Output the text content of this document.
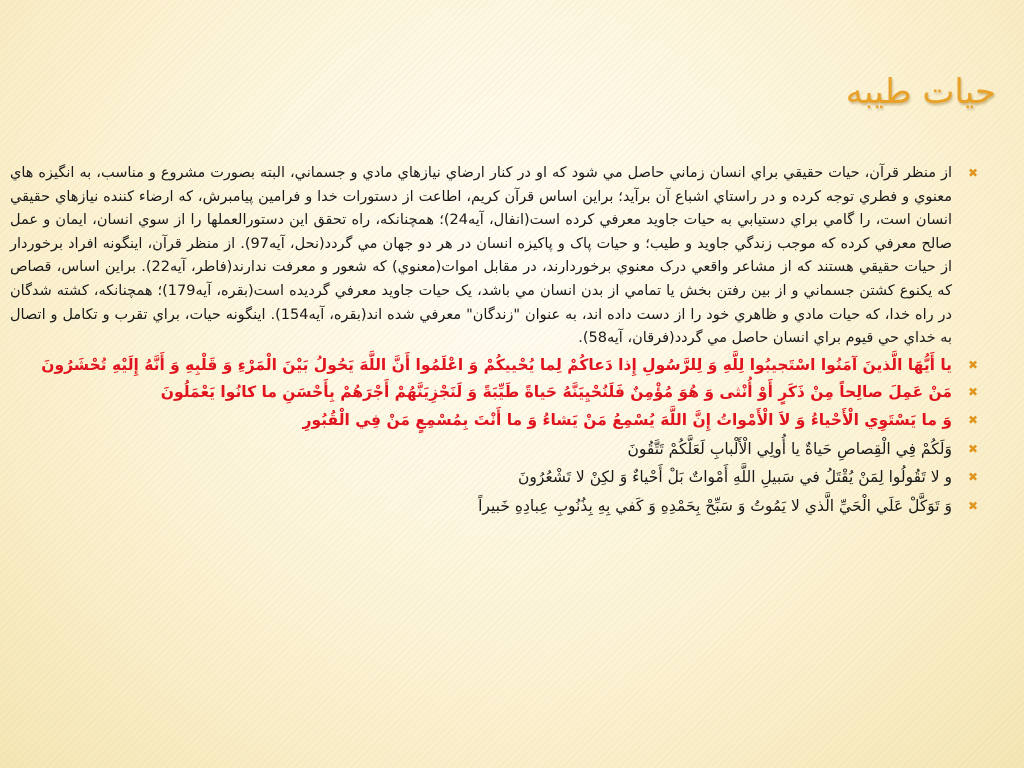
حيات طيبه

✖
از منظر قرآن، حيات حقيقي براي انسان زماني حاصل مي شود که او در کنار ارضاي نيازهاي مادي و جسماني، البته بصورت مشروع و مناسب، به انگيزه هاي معنوي و فطري توجه کرده و در راستاي اشباع آن برآيد؛ براين اساس قرآن کريم، اطاعت از دستورات خدا و فرامين پيامبرش، که ارضاء کننده نيازهاي حقيقي انسان است، را گامي براي دستيابي به حيات جاويد معرفي کرده است(انفال، آيه24)؛ همچنانکه، راه تحقق اين دستورالعملها را از سوي انسان، ايمان و عمل صالح معرفي کرده که موجب زندگي جاويد و طيب؛ و حيات پاک و پاکيزه انسان در هر دو جهان مي گردد(نحل، آيه97). از منظر قرآن، اينگونه افراد برخوردار از حيات حقيقي هستند که از مشاعر واقعي درک معنوي برخوردارند، در مقابل اموات(معنوي) که شعور و معرفت ندارند(فاطر، آيه22). براين اساس، قصاص که يکنوع کشتن جسماني و از بين رفتن بخش يا تمامي از بدن انسان مي باشد، يک حيات جاويد معرفي گرديده است(بقره، آيه179)؛ همچنانکه، کشته شدگان در راه خدا، که حيات مادي و ظاهري خود را از دست داده اند، به عنوان "زندگان" معرفي شده اند(بقره، آيه154). اينگونه حيات، براي تقرب و تکامل و اتصال به خداي حي قيوم براي انسان حاصل مي گردد(فرقان، آيه58).

✖
يا أَيُّهَا الَّذينَ آمَنُوا اسْتَجيبُوا لِلَّهِ وَ لِلرَّسُولِ إِذا دَعاكُمْ لِما يُحْييكُمْ وَ اعْلَمُوا أَنَّ اللَّهَ يَحُولُ بَيْنَ الْمَرْءِ وَ قَلْبِهِ وَ أَنَّهُ إِلَيْهِ تُحْشَرُونَ

✖
مَنْ عَمِلَ صالِحاً مِنْ ذَكَرٍ أَوْ أُنْثى‏ وَ هُوَ مُؤْمِنٌ فَلَنُحْيِيَنَّهُ حَياةً طَيِّبَةً وَ لَنَجْزِيَنَّهُمْ أَجْرَهُمْ بِأَحْسَنِ ما كانُوا يَعْمَلُونَ

✖
وَ ما يَسْتَوِي الْأَحْياءُ وَ لاَ الْأَمْواتُ إِنَّ اللَّهَ يُسْمِعُ مَنْ يَشاءُ وَ ما أَنْتَ بِمُسْمِعٍ مَنْ فِي الْقُبُورِ

✖
وَلَكُمْ فِي الْقِصاصِ حَياةٌ يا أُولِي الْأَلْبابِ لَعَلَّكُمْ تَتَّقُونَ

✖
و لا تَقُولُوا لِمَنْ يُقْتَلُ في سَبيلِ اللَّهِ أَمْواتٌ بَلْ أَحْياءٌ وَ لكِنْ لا تَشْعُرُونَ

✖
وَ تَوَكَّلْ عَلَي الْحَيِّ الَّذي لا يَمُوتُ وَ سَبِّحْ بِحَمْدِهِ وَ كَفي‏ بِهِ بِذُنُوبِ عِبادِهِ خَبيراً
